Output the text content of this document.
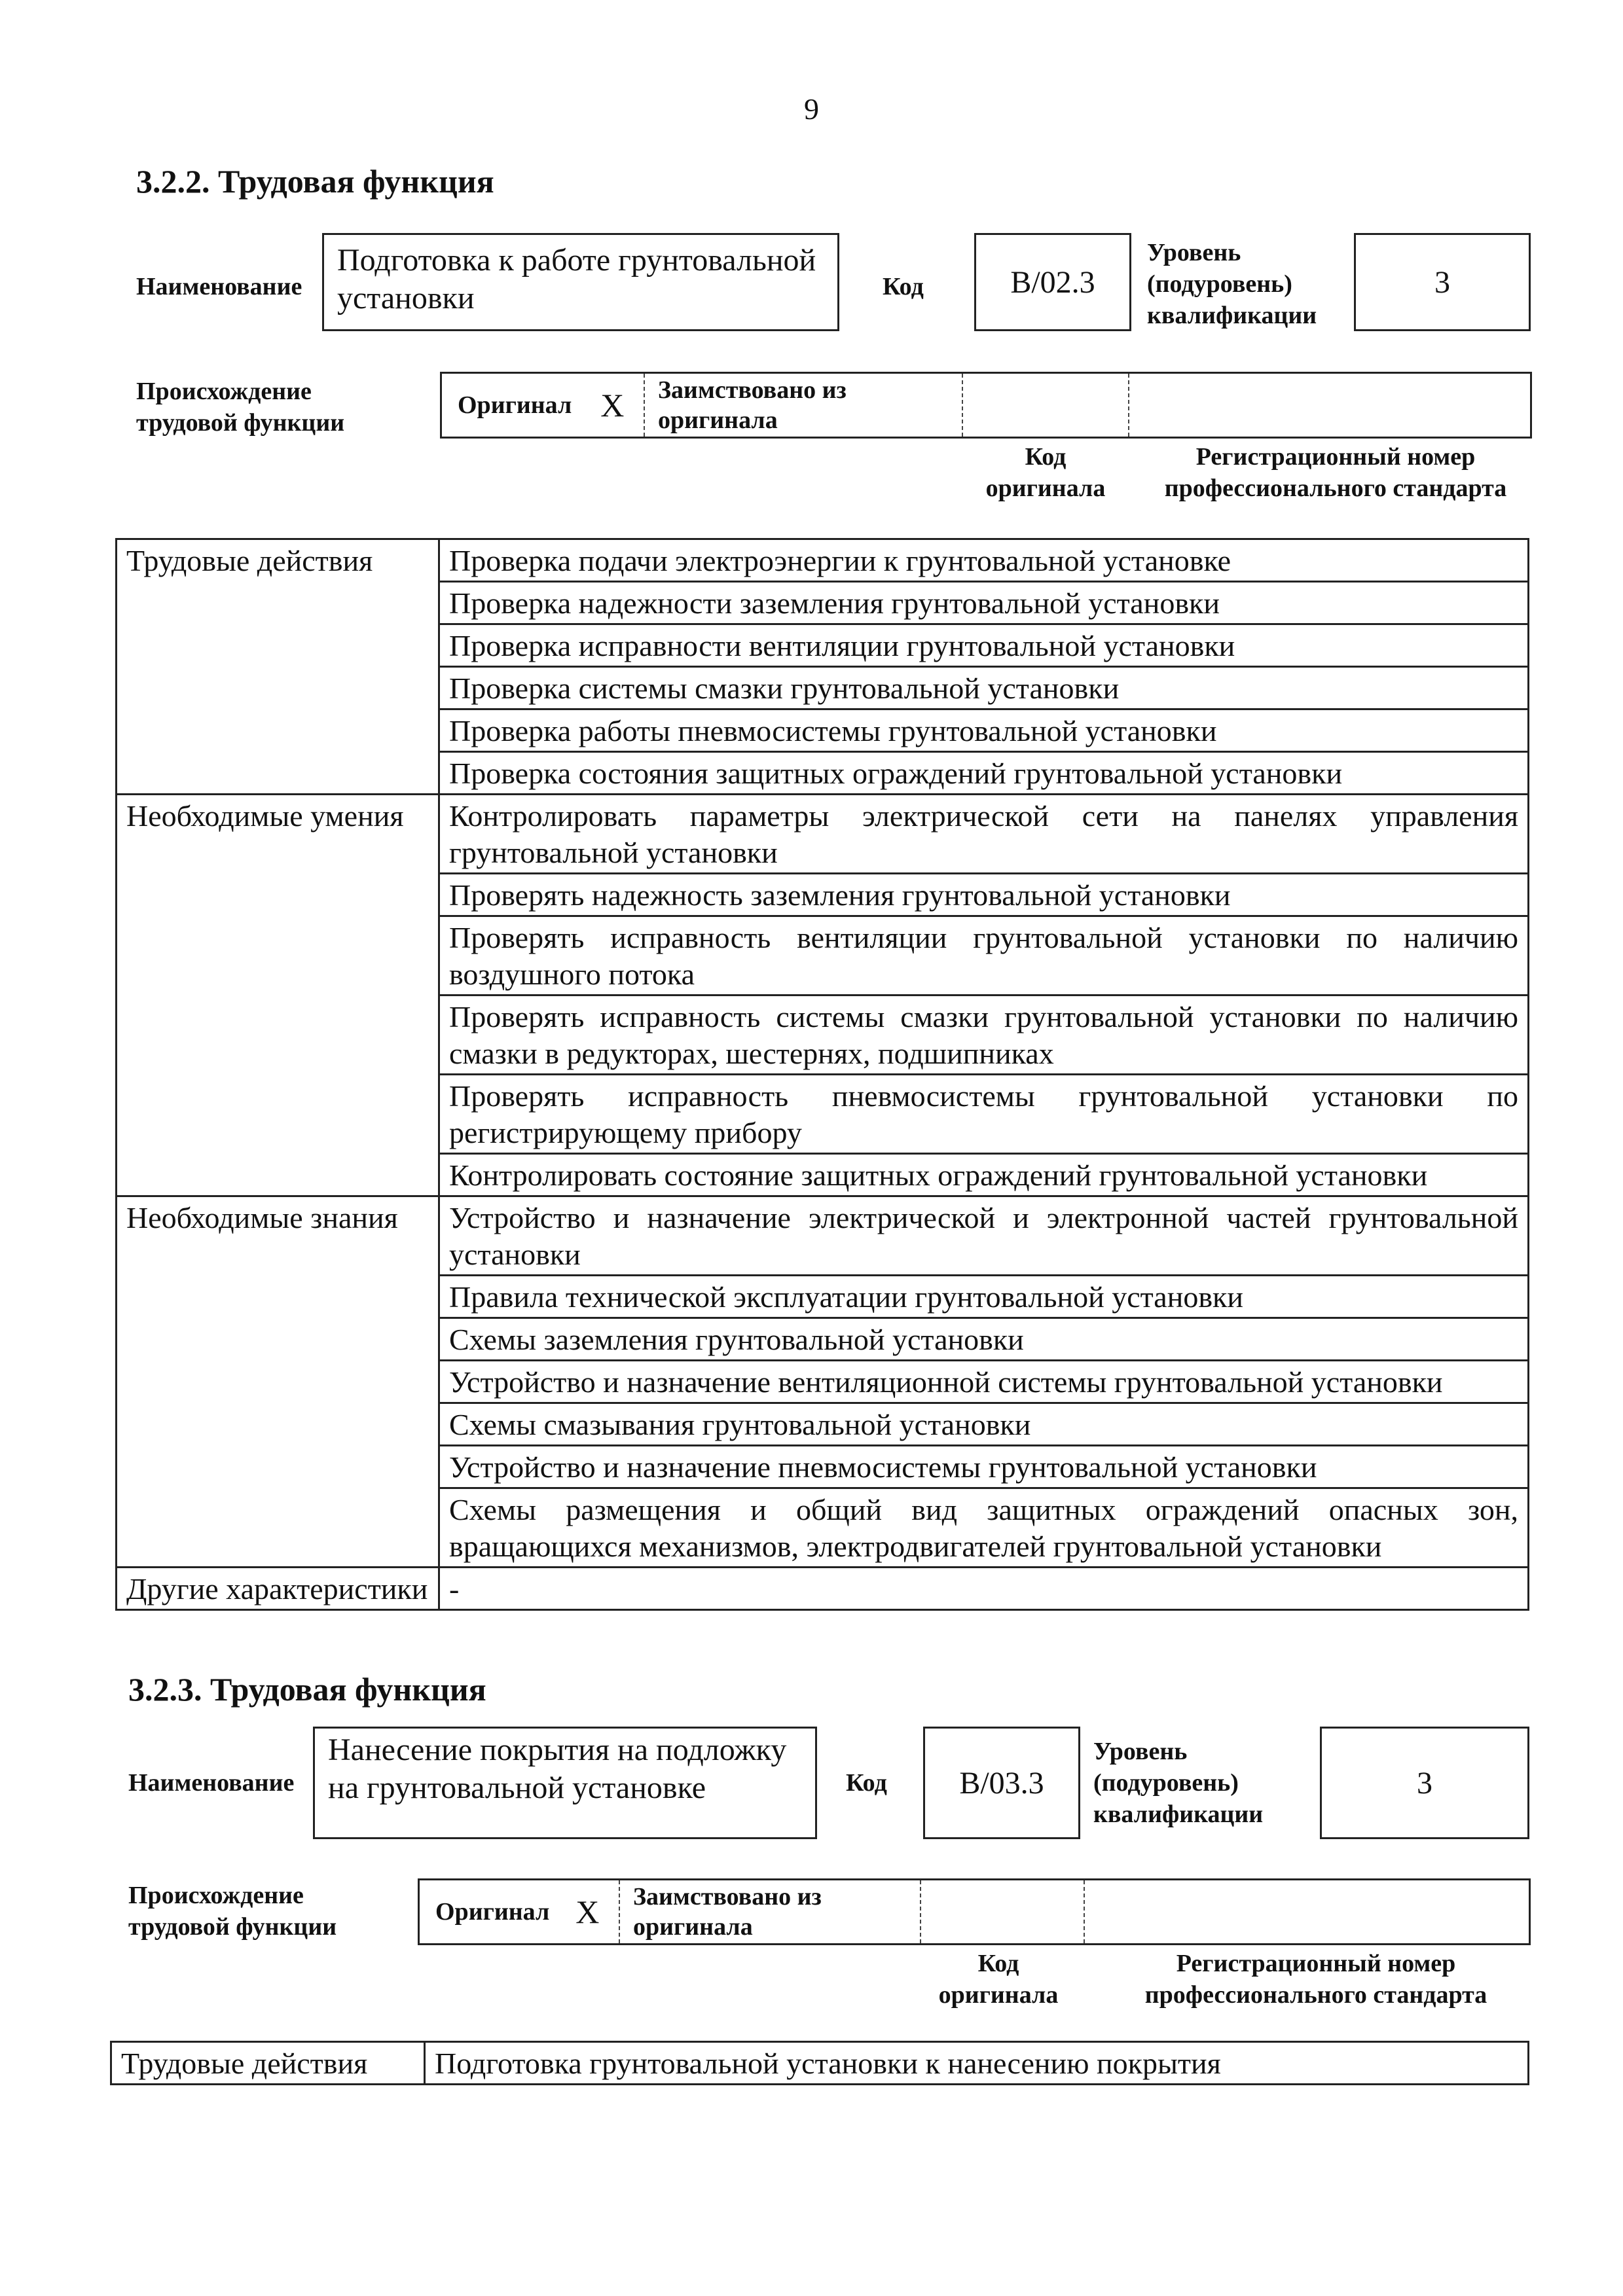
9
3.2.2. Трудовая функция
Наименование
Подготовка к работе грунтовальной установки	Код	В/02.3
Уровень (подуровень) квалификации
3
Происхождение трудовой функции
Оригинал X Заимствовано из оригинала
Код оригинала
Регистрационный номер профессионального стандарта
Трудовые действия	Проверка подачи электроэнергии к грунтовальной установке
	Проверка надежности заземления грунтовальной установки
	Проверка исправности вентиляции грунтовальной установки
	Проверка системы смазки грунтовальной установки
	Проверка работы пневмосистемы грунтовальной установки
	Проверка состояния защитных ограждений грунтовальной установки
Необходимые умения	Контролировать параметры электрической сети на панелях управления грунтовальной установки
	Проверять надежность заземления грунтовальной установки
	Проверять исправность вентиляции грунтовальной установки по наличию воздушного потока
	Проверять исправность системы смазки грунтовальной установки по наличию смазки в редукторах, шестернях, подшипниках
	Проверять исправность пневмосистемы грунтовальной установки по регистрирующему прибору
	Контролировать состояние защитных ограждений грунтовальной установки
Необходимые знания	Устройство и назначение электрической и электронной частей грунтовальной установки
	Правила технической эксплуатации грунтовальной установки
	Схемы заземления грунтовальной установки
	Устройство и назначение вентиляционной системы грунтовальной установки
	Схемы смазывания грунтовальной установки
	Устройство и назначение пневмосистемы грунтовальной установки
	Схемы размещения и общий вид защитных ограждений опасных зон, вращающихся механизмов, электродвигателей грунтовальной установки
Другие характеристики	-
3.2.3. Трудовая функция
Наименование
Нанесение покрытия на подложку на грунтовальной установке	Код В/03.3
Уровень (подуровень) квалификации
3
Происхождение трудовой функции
Оригинал X Заимствовано из оригинала
Код оригинала
Регистрационный номер профессионального стандарта
Трудовые действия	Подготовка грунтовальной установки к нанесению покрытия
